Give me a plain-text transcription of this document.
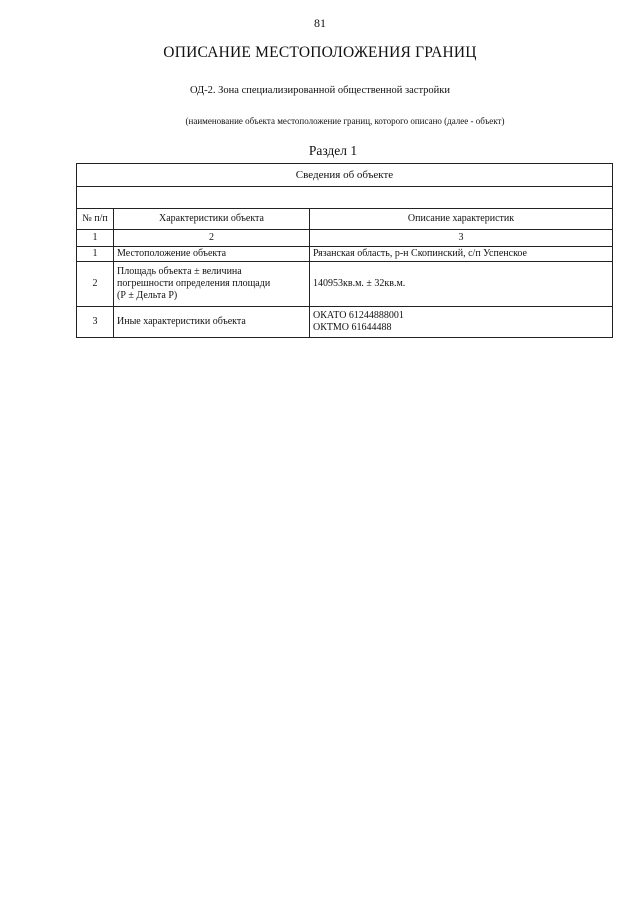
81
ОПИСАНИЕ МЕСТОПОЛОЖЕНИЯ ГРАНИЦ
ОД-2. Зона специализированной общественной застройки
(наименование объекта местоположение границ, которого описано (далее - объект)
Раздел 1
Сведения об объекте		

№ п/п	Характеристики объекта	Описание характеристик
1	2	3
1	Местоположение объекта	Рязанская область, р-н Скопинский, с/п Успенское

2	Площадь объекта ± величина
погрешности определения площади
(Р ± Дельта Р)	140953кв.м. ± 32кв.м.

3	Иные характеристики объекта	ОКАТО 61244888001
ОКТМО 61644488
